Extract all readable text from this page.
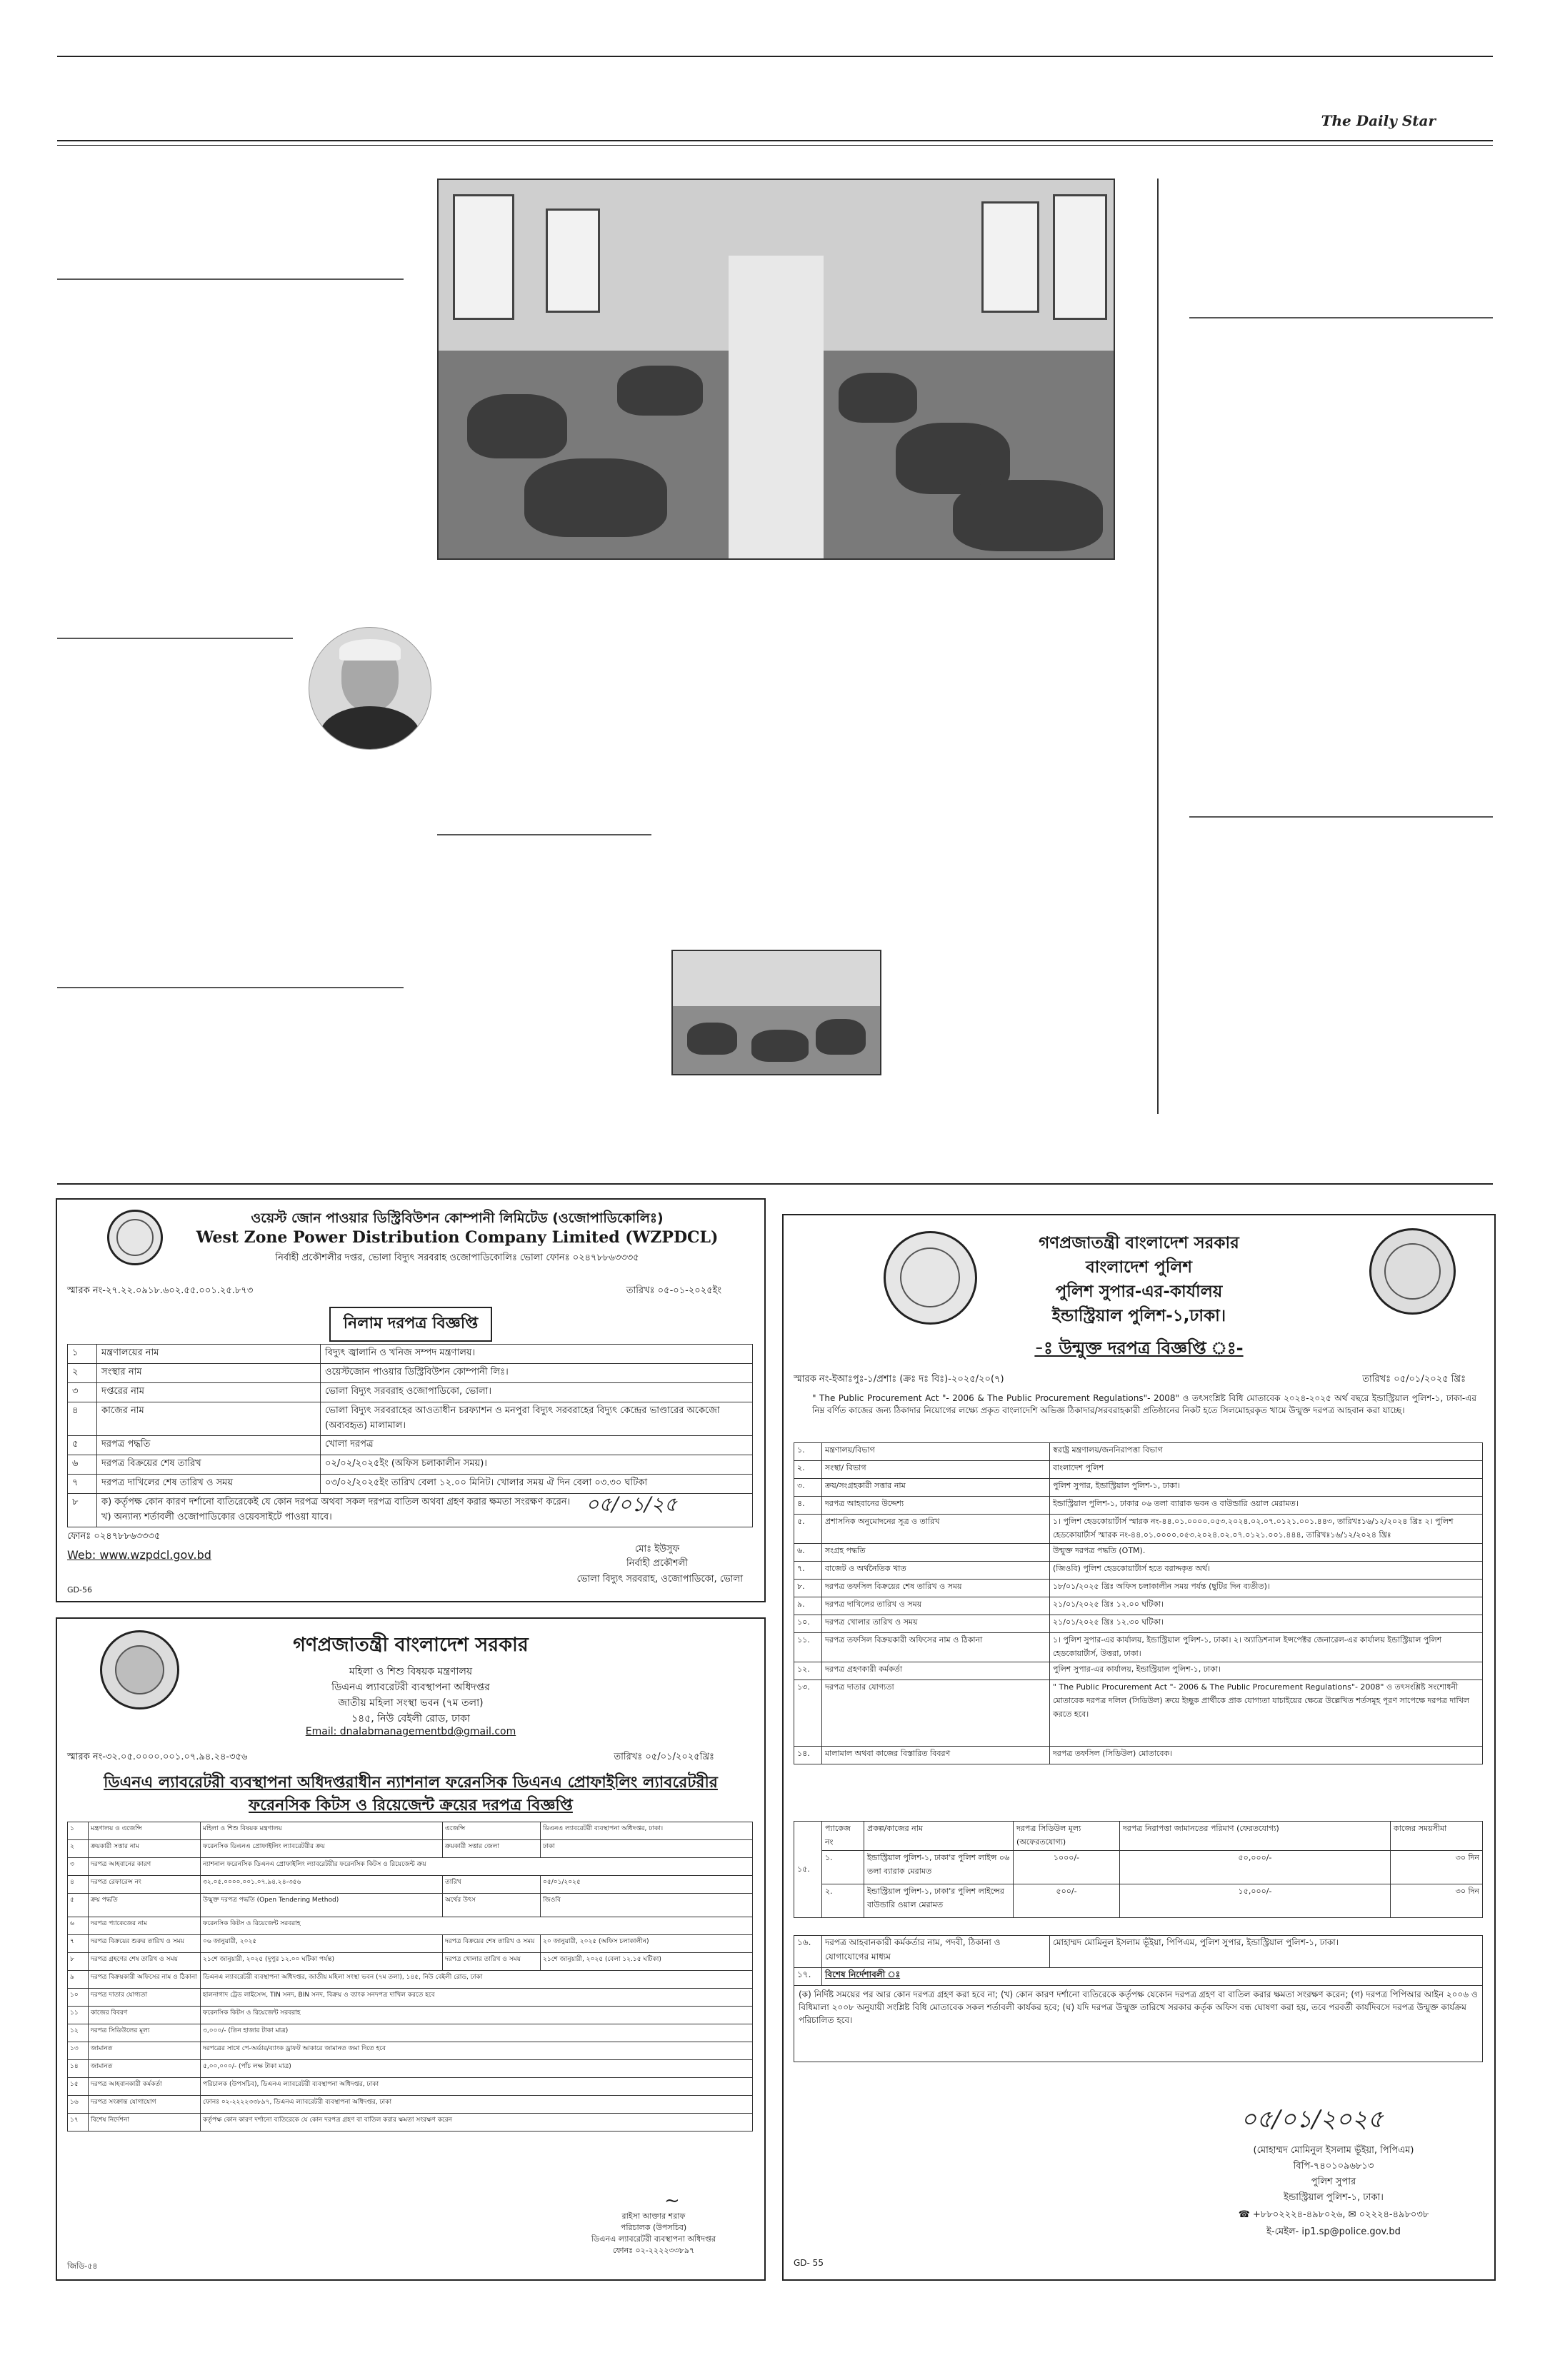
The Daily Star
ওয়েস্ট জোন পাওয়ার ডিস্ট্রিবিউশন কোম্পানী লিমিটেড (ওজোপাডিকোলিঃ)
West Zone Power Distribution Company Limited (WZPDCL)
নির্বাহী প্রকৌশলীর দপ্তর, ভোলা বিদ্যুৎ সরবরাহ ওজোপাডিকোলিঃ ভোলা ফোনঃ ০২৪৭৮৮৬৩৩৩৫
স্মারক নং-২৭.২২.০৯১৮.৬০২.৫৫.০০১.২৫.৮৭৩	তারিখঃ ০৫-০১-২০২৫ইং
নিলাম দরপত্র বিজ্ঞপ্তি
১	মন্ত্রণালয়ের নাম	বিদ্যুৎ জ্বালানি ও খনিজ সম্পদ মন্ত্রণালয়।
২	সংস্থার নাম	ওয়েস্টজোন পাওয়ার ডিস্ট্রিবিউশন কোম্পানী লিঃ।
৩	দপ্তরের নাম	ভোলা বিদ্যুৎ সরবরাহ ওজোপাডিকো, ভোলা।
৪	কাজের নাম	ভোলা বিদ্যুৎ সরবরাহের আওতাধীন চরফ্যাশন ও মনপুরা বিদ্যুৎ সরবরাহের বিদ্যুৎ কেন্দ্রের ভাণ্ডারের অকেজো (অব্যবহৃত) মালামাল।
৫	দরপত্র পদ্ধতি	খোলা দরপত্র
৬	দরপত্র বিক্রয়ের শেষ তারিখ	০২/০২/২০২৫ইং (অফিস চলাকালীন সময়)।
৭	দরপত্র দাখিলের শেষ তারিখ ও সময়	০৩/০২/২০২৫ইং তারিখ বেলা ১২.০০ মিনিট। খোলার সময় ঐ দিন বেলা ০৩.৩০ ঘটিকা
৮	ক) কর্তৃপক্ষ কোন কারণ দর্শানো ব্যতিরেকেই যে কোন দরপত্র অথবা সকল দরপত্র বাতিল অথবা গ্রহণ করার ক্ষমতা সংরক্ষণ করেন।
খ) অন্যান্য শর্তাবলী ওজোপাডিকোর ওয়েবসাইটে পাওয়া যাবে।	
ফোনঃ ০২৪৭৮৮৬৩৩৩৫
Web: www.wzpdcl.gov.bd
০৫/০১/২৫
মোঃ ইউসুফ
নির্বাহী প্রকৌশলী
ভোলা বিদ্যুৎ সরবরাহ, ওজোপাডিকো, ভোলা
GD-56
গণপ্রজাতন্ত্রী বাংলাদেশ সরকার
মহিলা ও শিশু বিষয়ক মন্ত্রণালয়
ডিএনএ ল্যাবরেটরী ব্যবস্থাপনা অধিদপ্তর
জাতীয় মহিলা সংস্থা ভবন (৭ম তলা)
১৪৫, নিউ বেইলী রোড, ঢাকা
Email: dnalabmanagementbd@gmail.com
স্মারক নং-৩২.০৫.০০০০.০০১.০৭.৯৪.২৪-৩৫৬	তারিখঃ ০৫/০১/২০২৫খ্রিঃ
ডিএনএ ল্যাবরেটরী ব্যবস্থাপনা অধিদপ্তরাধীন ন্যাশনাল ফরেনসিক ডিএনএ প্রোফাইলিং ল্যাবরেটরীর
ফরেনসিক কিটস ও রিয়েজেন্ট ক্রয়ের দরপত্র বিজ্ঞপ্তি
১	মন্ত্রণালয় ও এজেন্সি	মহিলা ও শিশু বিষয়ক মন্ত্রণালয়	এজেন্সি	ডিএনএ ল্যাবরেটরী ব্যবস্থাপনা অধিদপ্তর, ঢাকা।
২	ক্রয়কারী সত্তার নাম	ফরেনসিক ডিএনএ প্রোফাইলিং ল্যাবরেটরীর ক্রয়	ক্রয়কারী সত্তার জেলা	ঢাকা
৩	দরপত্র আহবানের কারণ	ন্যাশনাল ফরেনসিক ডিএনএ প্রোফাইলিং ল্যাবরেটরীর ফরেনসিক কিটস ও রিয়েজেন্ট ক্রয়		
৪	দরপত্র রেফারেন্স নং	৩২.০৫.০০০০.০০১.০৭.৯৪.২৪-৩৫৬	তারিখ	০৫/০১/২০২৫
৫	ক্রয় পদ্ধতি	উন্মুক্ত দরপত্র পদ্ধতি (Open Tendering Method)	অর্থের উৎস	জিওবি
৬	দরপত্র প্যাকেজের নাম	ফরেনসিক কিটস ও রিয়েজেন্ট সরবরাহ		
৭	দরপত্র বিক্রয়ের শুরুর তারিখ ও সময়	০৬ জানুয়ারী, ২০২৫	দরপত্র বিক্রয়ের শেষ তারিখ ও সময়	২০ জানুয়ারী, ২০২৫ (অফিস চলাকালীন)
৮	দরপত্র গ্রহণের শেষ তারিখ ও সময়	২১শে জানুয়ারী, ২০২৫ (দুপুর ১২.০০ ঘটিকা পর্যন্ত)	দরপত্র খোলার তারিখ ও সময়	২১শে জানুয়ারী, ২০২৫ (বেলা ১২.১৫ ঘটিকা)
৯	দরপত্র বিক্রয়কারী অফিসের নাম ও ঠিকানা	ডিএনএ ল্যাবরেটরী ব্যবস্থাপনা অধিদপ্তর, জাতীয় মহিলা সংস্থা ভবন (৭ম তলা), ১৪৫, নিউ বেইলী রোড, ঢাকা		
১০	দরপত্র দাতার যোগ্যতা	হালনাগাদ ট্রেড লাইসেন্স, TIN সনদ, BIN সনদ, বিক্রয় ও ব্যাংক সনদপত্র দাখিল করতে হবে		
১১	কাজের বিবরণ	ফরেনসিক কিটস ও রিয়েজেন্ট সরবরাহ		
১২	দরপত্র সিডিউলের মূল্য	৩,০০০/- (তিন হাজার টাকা মাত্র)		
১৩	জামানত	দরপত্রের সাথে পে-অর্ডার/ব্যাংক ড্রাফট আকারে জামানত জমা দিতে হবে		
১৪	জামানত	৫,০০,০০০/- (পাঁচ লক্ষ টাকা মাত্র)		
১৫	দরপত্র আহবানকারী কর্মকর্তা	পরিচালক (উপসচিব), ডিএনএ ল্যাবরেটরী ব্যবস্থাপনা অধিদপ্তর, ঢাকা		
১৬	দরপত্র সংক্রান্ত যোগাযোগ	ফোনঃ ০২-২২২২৩৩৮৯৭, ডিএনএ ল্যাবরেটরী ব্যবস্থাপনা অধিদপ্তর, ঢাকা		
১৭	বিশেষ নির্দেশনা	কর্তৃপক্ষ কোন কারণ দর্শানো ব্যতিরেকে যে কোন দরপত্র গ্রহণ বা বাতিল করার ক্ষমতা সংরক্ষণ করেন		
~
রাইসা আক্তার শরাফ
পরিচালক (উপসচিব)
ডিএনএ ল্যাবরেটরী ব্যবস্থাপনা অধিদপ্তর
ফোনঃ ০২-২২২২৩৩৮৯৭
জিডি-৫৪
গণপ্রজাতন্ত্রী বাংলাদেশ সরকার
বাংলাদেশ পুলিশ
পুলিশ সুপার-এর-কার্যালয়
ইন্ডাস্ট্রিয়াল পুলিশ-১,ঢাকা।
-ঃ উন্মুক্ত দরপত্র বিজ্ঞপ্তি ঃ-
স্মারক নং-ইআঃপুঃ-১/প্রশাঃ (ক্রঃ দঃ বিঃ)-২০২৫/২০(৭)	তারিখঃ ০৫/০১/২০২৫ খ্রিঃ
" The Public Procurement Act "- 2006 & The Public Procurement Regulations"- 2008" ও তৎসংশ্লিষ্ট বিধি মোতাবেক ২০২৪-২০২৫ অর্থ বছরে ইন্ডাস্ট্রিয়াল পুলিশ-১, ঢাকা-এর নিম্ন বর্ণিত কাজের জন্য ঠিকাদার নিয়োগের লক্ষ্যে প্রকৃত বাংলাদেশি অভিজ্ঞ ঠিকাদার/সরবরাহকারী প্রতিষ্ঠানের নিকট হতে সিলমোহরকৃত খামে উন্মুক্ত দরপত্র আহবান করা যাচ্ছে।
১.	মন্ত্রণালয়/বিভাগ	স্বরাষ্ট্র মন্ত্রণালয়/জননিরাপত্তা বিভাগ
২.	সংস্থা/ বিভাগ	বাংলাদেশ পুলিশ
৩.	ক্রয়/সংগ্রহকারী সত্তার নাম	পুলিশ সুপার, ইন্ডাস্ট্রিয়াল পুলিশ-১, ঢাকা।
৪.	দরপত্র আহবানের উদ্দেশ্য	ইন্ডাস্ট্রিয়াল পুলিশ-১, ঢাকার ০৬ তলা ব্যারাক ভবন ও বাউন্ডারি ওয়াল মেরামত।
৫.	প্রশাসনিক অনুমোদনের সূত্র ও তারিখ	১। পুলিশ হেডকোয়ার্টার্স স্মারক নং-৪৪.০১.০০০০.০৫৩.২০২৪.০২.০৭.০১২১.০০১.৪৪৩, তারিখঃ১৬/১২/২০২৪ খ্রিঃ ২। পুলিশ হেডকোয়ার্টার্স স্মারক নং-৪৪.০১.০০০০.০৫৩.২০২৪.০২.০৭.০১২১.০০১.৪৪৪, তারিখঃ১৬/১২/২০২৪ খ্রিঃ
৬.	সংগ্রহ পদ্ধতি	উন্মুক্ত দরপত্র পদ্ধতি (OTM).
৭.	বাজেট ও অর্থনৈতিক খাত	(জিওবি) পুলিশ হেডকোয়ার্টার্স হতে বরাদ্দকৃত অর্থ।
৮.	দরপত্র তফসিল বিক্রয়ের শেষ তারিখ ও সময়	১৮/০১/২০২৫ খ্রিঃ অফিস চলাকালীন সময় পর্যন্ত (ছুটির দিন ব্যতীত)।
৯.	দরপত্র দাখিলের তারিখ ও সময়	২১/০১/২০২৫ খ্রিঃ ১২.০০ ঘটিকা।
১০.	দরপত্র খোলার তারিখ ও সময়	২১/০১/২০২৫ খ্রিঃ ১২.৩০ ঘটিকা।
১১.	দরপত্র তফসিল বিক্রয়কারী অফিসের নাম ও ঠিকানা	১। পুলিশ সুপার-এর কার্যালয়, ইন্ডাস্ট্রিয়াল পুলিশ-১, ঢাকা। ২। অ্যাডিশনাল ইন্সপেক্টর জেনারেল-এর কার্যালয় ইন্ডাস্ট্রিয়াল পুলিশ হেডকোয়ার্টার্স, উত্তরা, ঢাকা।
১২.	দরপত্র গ্রহণকারী কর্মকর্তা	পুলিশ সুপার-এর কার্যালয়, ইন্ডাস্ট্রিয়াল পুলিশ-১, ঢাকা।
১৩.	দরপত্র দাতার যোগ্যতা	" The Public Procurement Act "- 2006 & The Public Procurement Regulations"- 2008" ও তৎসংশ্লিষ্ট সংশোধনী মোতাবেক দরপত্র দলিল (সিডিউল) ক্রয়ে ইচ্ছুক প্রার্থীকে প্রাক যোগ্যতা যাচাইয়ের ক্ষেত্রে উল্লেখিত শর্তসমূহ পূরণ সাপেক্ষে দরপত্র দাখিল করতে হবে।
১৪.	মালামাল অথবা কাজের বিস্তারিত বিবরণ	দরপত্র তফসিল (সিডিউল) মোতাবেক।
১৫.	প্যাকেজ নং	প্রকল্প/কাজের নাম	দরপত্র সিডিউল মূল্য (অফেরতযোগ্য)	দরপত্র নিরাপত্তা জামানতের পরিমাণ (ফেরতযোগ্য)	কাজের সময়সীমা
	১.	ইন্ডাস্ট্রিয়াল পুলিশ-১, ঢাকা'র পুলিশ লাইন্স ০৬ তলা ব্যারাক মেরামত	১০০০/-	৫০,০০০/-	৩০ দিন
	২.	ইন্ডাস্ট্রিয়াল পুলিশ-১, ঢাকা'র পুলিশ লাইন্সের বাউন্ডারি ওয়াল মেরামত	৫০০/-	১৫,০০০/-	৩০ দিন
১৬.	দরপত্র আহবানকারী কর্মকর্তার নাম, পদবী, ঠিকানা ও যোগাযোগের মাধ্যম	মোহাম্মদ মোমিনুল ইসলাম ভূঁইয়া, পিপিএম, পুলিশ সুপার, ইন্ডাস্ট্রিয়াল পুলিশ-১, ঢাকা।
১৭.	বিশেষ নির্দেশাবলী ঃ	
(ক) নির্দিষ্ট সময়ের পর আর কোন দরপত্র গ্রহণ করা হবে না; (খ) কোন কারণ দর্শানো ব্যতিরেকে কর্তৃপক্ষ যেকোন দরপত্র গ্রহণ বা বাতিল করার ক্ষমতা সংরক্ষণ করেন; (গ) দরপত্র পিপিআর আইন ২০০৬ ও বিধিমালা ২০০৮ অনুযায়ী সংশ্লিষ্ট বিধি মোতাবেক সকল শর্তাবলী কার্যকর হবে; (ঘ) যদি দরপত্র উন্মুক্ত তারিখে সরকার কর্তৃক অফিস বন্ধ ঘোষণা করা হয়, তবে পরবর্তী কার্যদিবসে দরপত্র উন্মুক্ত কার্যক্রম পরিচালিত হবে।		
০৫/০১/২০২৫
(মোহাম্মদ মোমিনুল ইসলাম ভূঁইয়া, পিপিএম)
বিপি-৭৪০১০৯৬৮১৩
পুলিশ সুপার
ইন্ডাস্ট্রিয়াল পুলিশ-১, ঢাকা।
☎ +৮৮০২২২৪-৪৯৮০২৬, ✉ ০২২২৪-৪৯৮০৩৮
ই-মেইল- ip1.sp@police.gov.bd
GD- 55
